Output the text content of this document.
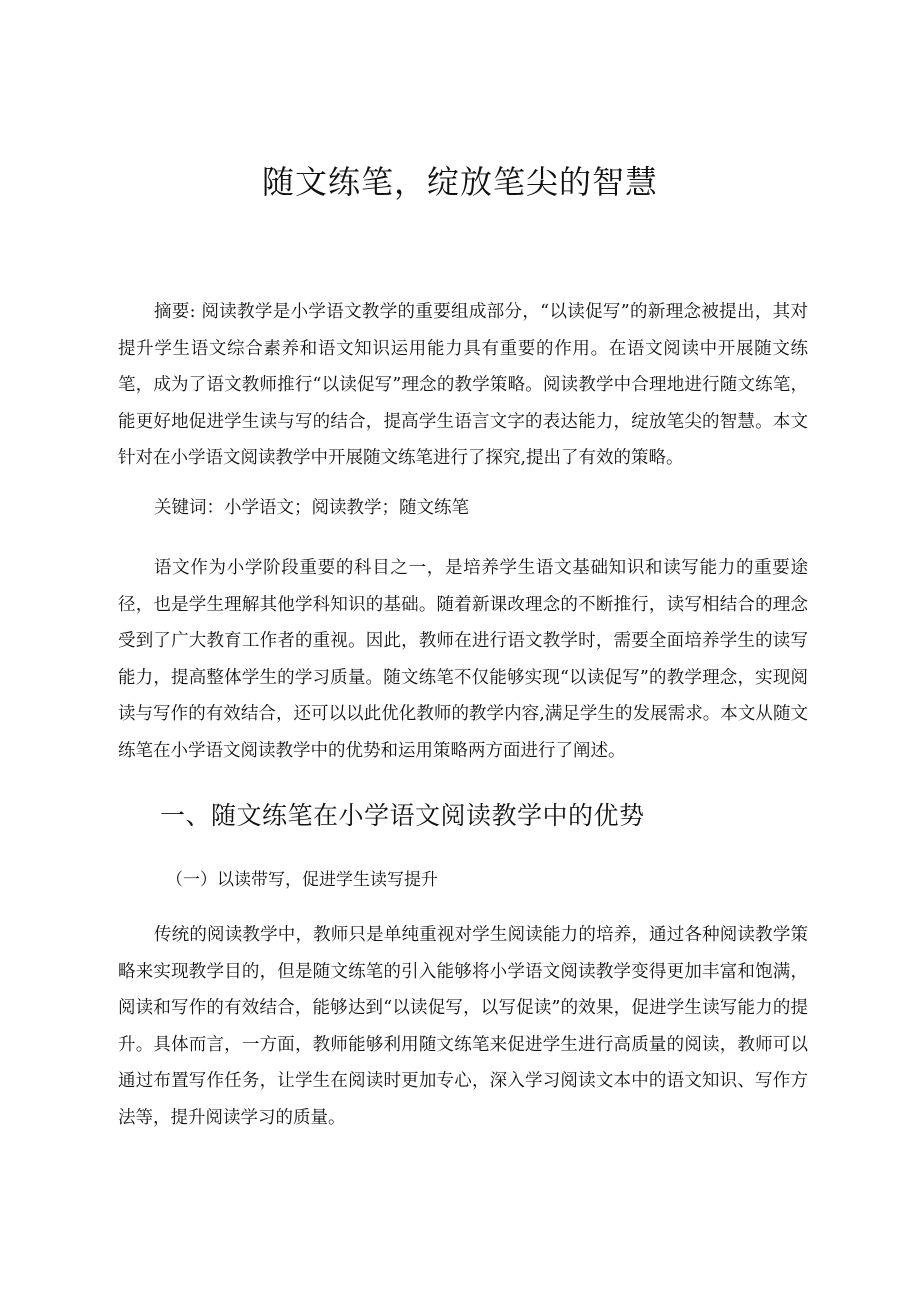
随文练笔，绽放笔尖的智慧

摘要: 阅读教学是小学语文教学的重要组成部分，“以读促写”的新理念被提出，其对提升学生语文综合素养和语文知识运用能力具有重要的作用。在语文阅读中开展随文练笔，成为了语文教师推行“以读促写”理念的教学策略。阅读教学中合理地进行随文练笔，能更好地促进学生读与写的结合，提高学生语言文字的表达能力，绽放笔尖的智慧。本文针对在小学语文阅读教学中开展随文练笔进行了探究,提出了有效的策略。

关键词：小学语文；阅读教学；随文练笔

语文作为小学阶段重要的科目之一，是培养学生语文基础知识和读写能力的重要途径，也是学生理解其他学科知识的基础。随着新课改理念的不断推行，读写相结合的理念受到了广大教育工作者的重视。因此，教师在进行语文教学时，需要全面培养学生的读写能力，提高整体学生的学习质量。随文练笔不仅能够实现“以读促写”的教学理念，实现阅读与写作的有效结合，还可以以此优化教师的教学内容,满足学生的发展需求。本文从随文练笔在小学语文阅读教学中的优势和运用策略两方面进行了阐述。

一、随文练笔在小学语文阅读教学中的优势
（一）以读带写，促进学生读写提升

传统的阅读教学中，教师只是单纯重视对学生阅读能力的培养，通过各种阅读教学策略来实现教学目的，但是随文练笔的引入能够将小学语文阅读教学变得更加丰富和饱满，阅读和写作的有效结合，能够达到“以读促写，以写促读”的效果，促进学生读写能力的提升。具体而言，一方面，教师能够利用随文练笔来促进学生进行高质量的阅读，教师可以通过布置写作任务，让学生在阅读时更加专心，深入学习阅读文本中的语文知识、写作方法等，提升阅读学习的质量。
